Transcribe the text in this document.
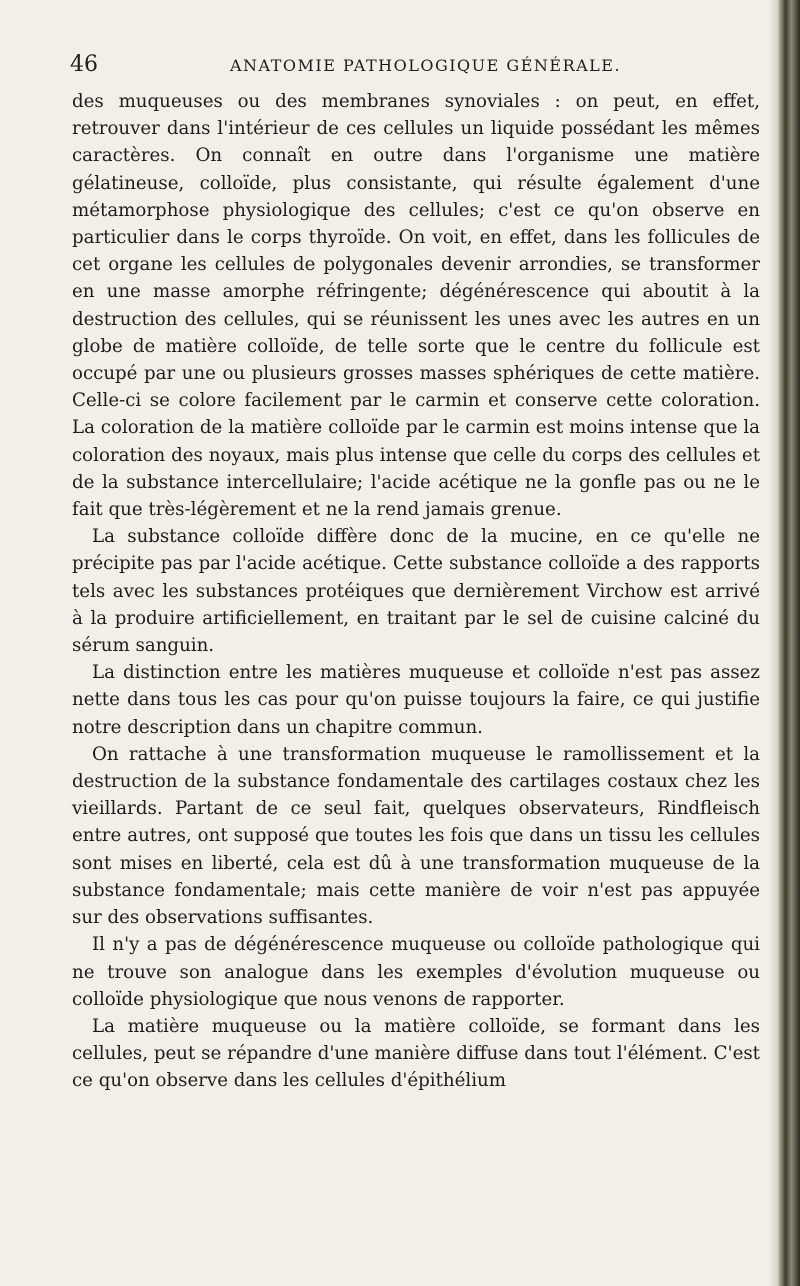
46	ANATOMIE PATHOLOGIQUE GÉNÉRALE.

des muqueuses ou des membranes synoviales : on peut, en effet, retrouver dans l'intérieur de ces cellules un liquide possédant les mêmes caractères. On connaît en outre dans l'organisme une matière gélatineuse, colloïde, plus consistante, qui résulte également d'une métamorphose physiologique des cellules; c'est ce qu'on observe en particulier dans le corps thyroïde. On voit, en effet, dans les follicules de cet organe les cellules de polygonales devenir arrondies, se transformer en une masse amorphe réfringente; dégénérescence qui aboutit à la destruction des cellules, qui se réunissent les unes avec les autres en un globe de matière colloïde, de telle sorte que le centre du follicule est occupé par une ou plusieurs grosses masses sphériques de cette matière. Celle-ci se colore facilement par le carmin et conserve cette coloration. La coloration de la matière colloïde par le carmin est moins intense que la coloration des noyaux, mais plus intense que celle du corps des cellules et de la substance intercellulaire; l'acide acétique ne la gonfle pas ou ne le fait que très-légèrement et ne la rend jamais grenue.

La substance colloïde diffère donc de la mucine, en ce qu'elle ne précipite pas par l'acide acétique. Cette substance colloïde a des rapports tels avec les substances protéiques que dernièrement Virchow est arrivé à la produire artificiellement, en traitant par le sel de cuisine calciné du sérum sanguin.

La distinction entre les matières muqueuse et colloïde n'est pas assez nette dans tous les cas pour qu'on puisse toujours la faire, ce qui justifie notre description dans un chapitre commun.

On rattache à une transformation muqueuse le ramollissement et la destruction de la substance fondamentale des cartilages costaux chez les vieillards. Partant de ce seul fait, quelques observateurs, Rindfleisch entre autres, ont supposé que toutes les fois que dans un tissu les cellules sont mises en liberté, cela est dû à une transformation muqueuse de la substance fondamentale; mais cette manière de voir n'est pas appuyée sur des observations suffisantes.

Il n'y a pas de dégénérescence muqueuse ou colloïde pathologique qui ne trouve son analogue dans les exemples d'évolution muqueuse ou colloïde physiologique que nous venons de rapporter.

La matière muqueuse ou la matière colloïde, se formant dans les cellules, peut se répandre d'une manière diffuse dans tout l'élément. C'est ce qu'on observe dans les cellules d'épithélium
